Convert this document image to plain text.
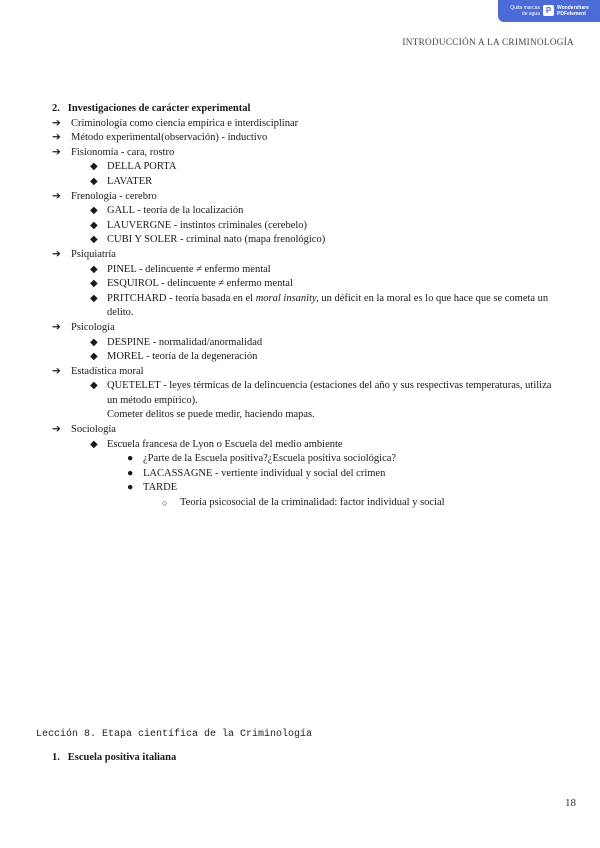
Quita marcas
de agua P	Wondershare
PDFelement
INTRODUCCIÓN A LA CRIMINOLOGÍA
2. Investigaciones de carácter experimental
➔ Criminología como ciencia empírica e interdisciplinar
➔ Método experimental(observación) - inductivo
➔ Fisionomía - cara, rostro
◆ DELLA PORTA
◆ LAVATER
➔ Frenología - cerebro
◆ GALL - teoría de la localización
◆ LAUVERGNE - instintos criminales (cerebelo)
◆ CUBI Y SOLER - criminal nato (mapa frenológico)
➔ Psiquiatría
◆ PINEL - delincuente ≠ enfermo mental
◆ ESQUIROL - delincuente ≠ enfermo mental
◆ PRITCHARD - teoría basada en el moral insanity, un déficit en la moral es lo que hace que se cometa un delito.
➔ Psicología
◆ DESPINE - normalidad/anormalidad
◆ MOREL - teoría de la degeneración
➔ Estadística moral
◆ QUETELET - leyes térmicas de la delincuencia (estaciones del año y sus respectivas temperaturas, utiliza un método empírico).
Cometer delitos se puede medir, haciendo mapas.
➔ Sociología
◆ Escuela francesa de Lyon o Escuela del medio ambiente
● ¿Parte de la Escuela positiva?¿Escuela positiva sociológica?
● LACASSAGNE - vertiente individual y social del crimen
● TARDE
○ Teoría psicosocial de la criminalidad: factor individual y social
Lección 8. Etapa científica de la Criminología
1. Escuela positiva italiana
18
